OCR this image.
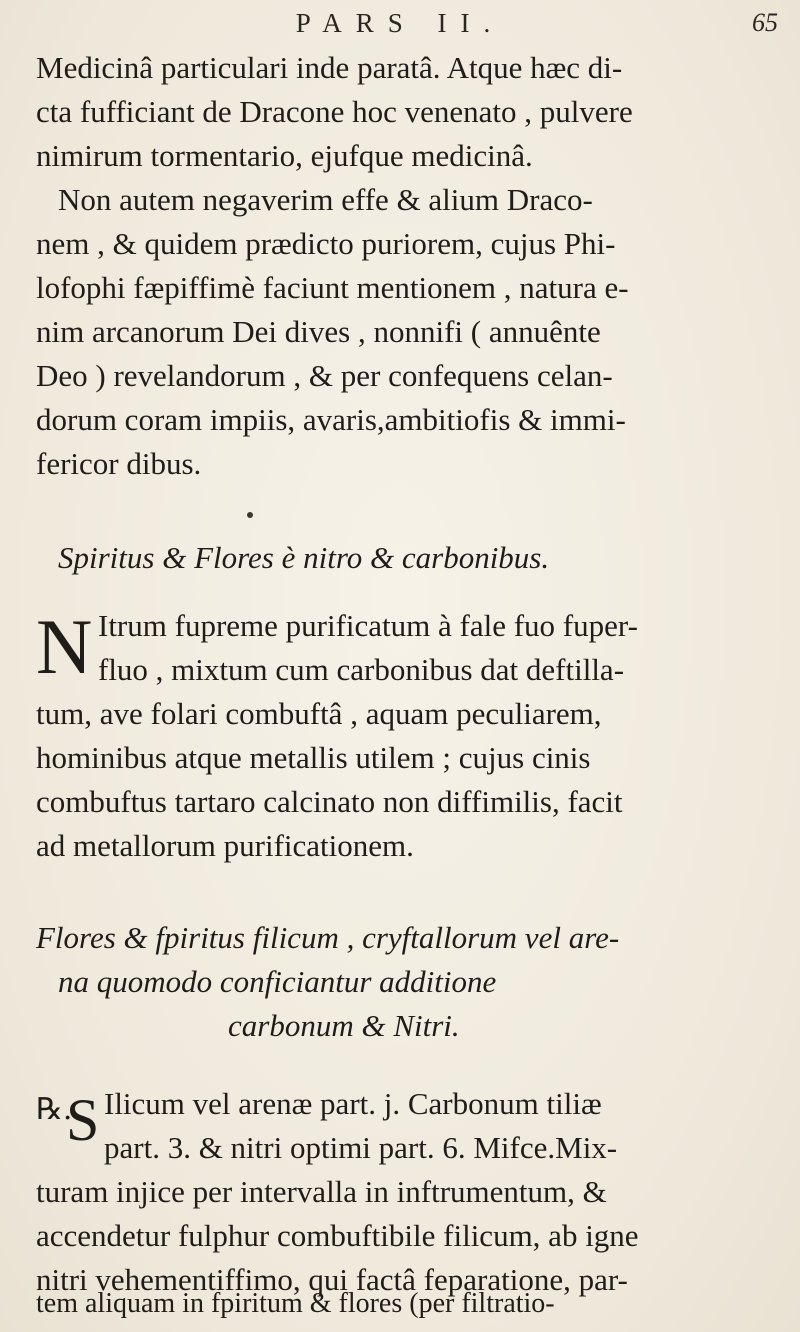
PARS II.	65
Medicinâ particulari inde paratâ. Atque hæc di-
cta fufficiant de Dracone hoc venenato , pulvere
nimirum tormentario, ejufque medicinâ.
Non autem negaverim effe & alium Draco-
nem , & quidem prædicto puriorem, cujus Phi-
lofophi fæpiffimè faciunt mentionem , natura e-
nim arcanorum Dei dives , nonnifi ( annuênte
Deo ) revelandorum , & per confequens celan-
dorum coram impiis, avaris,ambitiofis & immi-
fericor dibus.
Spiritus & Flores è nitro & carbonibus.
N Itrum fupreme purificatum à fale fuo fuper-
fluo , mixtum cum carbonibus dat deftilla-
tum, ave folari combuftâ , aquam peculiarem,
hominibus atque metallis utilem ; cujus cinis
combuftus tartaro calcinato non diffimilis, facit
ad metallorum purificationem.
Flores & fpiritus filicum , cryftallorum vel are-
na quomodo conficiantur additione
carbonum & Nitri.
℞.
S Ilicum vel arenæ part. j. Carbonum tiliæ
part. 3. & nitri optimi part. 6. Mifce.Mix-
turam injice per intervalla in inftrumentum, &
accendetur fulphur combuftibile filicum, ab igne
nitri vehementiffimo, qui factâ feparatione, par-
tem aliquam in fpiritum & flores (per filtratio-
